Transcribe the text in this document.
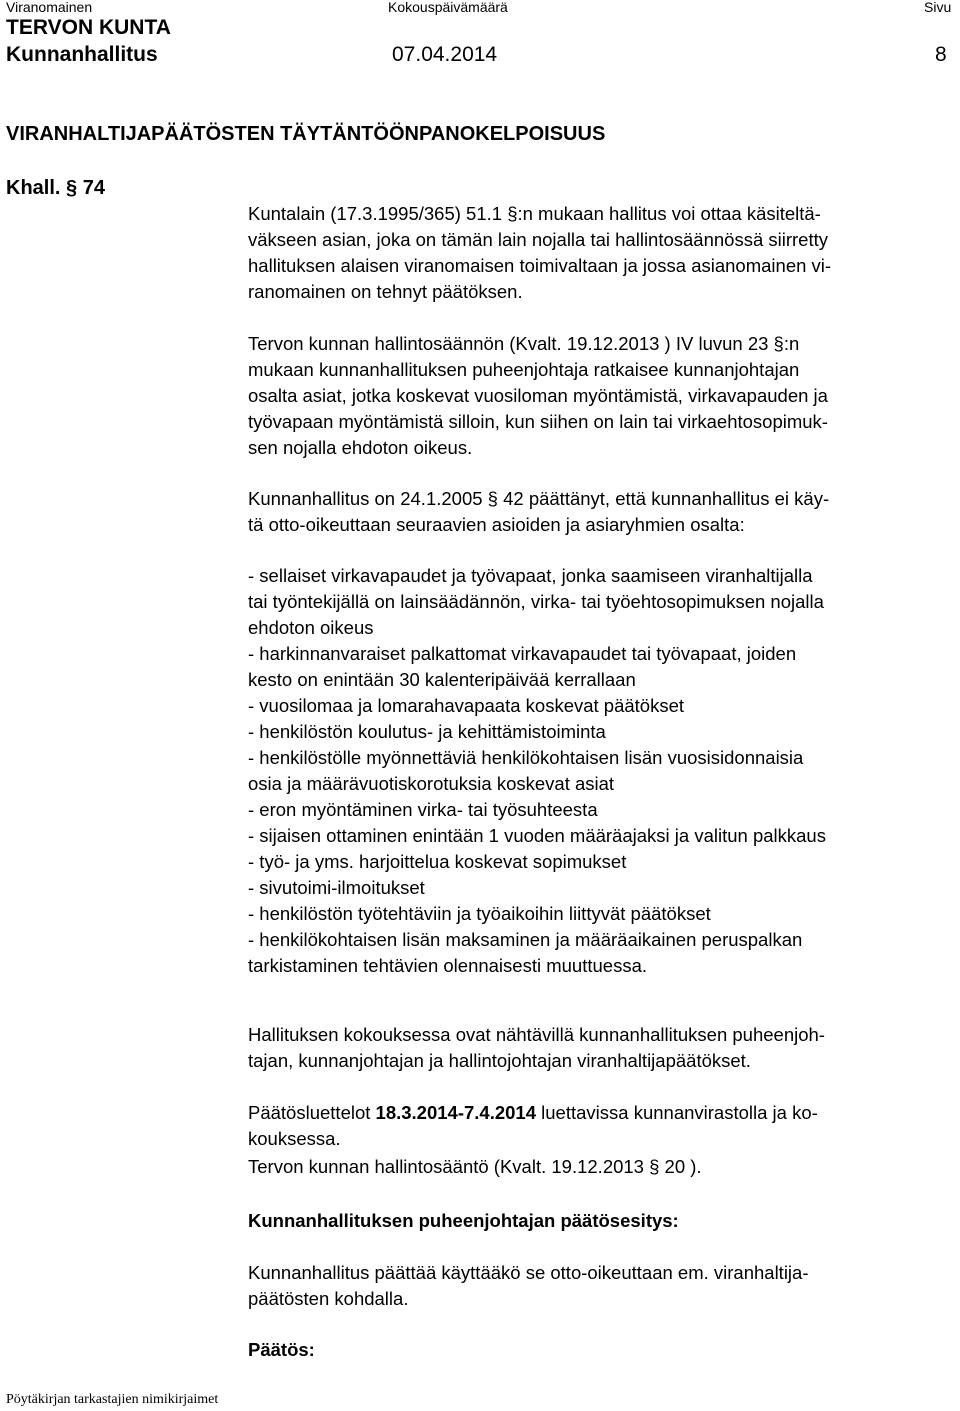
Viranomainen	Kokouspäivämäärä	Sivu
TERVON KUNTA
Kunnanhallitus	07.04.2014	8
VIRANHALTIJAPÄÄTÖSTEN TÄYTÄNTÖÖNPANOKELPOISUUS
Khall. § 74
Kuntalain (17.3.1995/365) 51.1 §:n mukaan hallitus voi ottaa käsiteltä-
väkseen asian, joka on tämän lain nojalla tai hallintosäännössä siirretty
hallituksen alaisen viranomaisen toimivaltaan ja jossa asianomainen vi-
ranomainen on tehnyt päätöksen.
Tervon kunnan hallintosäännön (Kvalt. 19.12.2013 ) IV luvun 23 §:n
mukaan kunnanhallituksen puheenjohtaja ratkaisee kunnanjohtajan
osalta asiat, jotka koskevat vuosiloman myöntämistä, virkavapauden ja
työvapaan myöntämistä silloin, kun siihen on lain tai virkaehtosopimuk-
sen nojalla ehdoton oikeus.
Kunnanhallitus on 24.1.2005 § 42 päättänyt, että kunnanhallitus ei käy-
tä otto-oikeuttaan seuraavien asioiden ja asiaryhmien osalta:
- sellaiset virkavapaudet ja työvapaat, jonka saamiseen viranhaltijalla
tai työntekijällä on lainsäädännön, virka- tai työehtosopimuksen nojalla
ehdoton oikeus
- harkinnanvaraiset palkattomat virkavapaudet tai työvapaat, joiden
kesto on enintään 30 kalenteripäivää kerrallaan
- vuosilomaa ja lomarahavapaata koskevat päätökset
- henkilöstön koulutus- ja kehittämistoiminta
- henkilöstölle myönnettäviä henkilökohtaisen lisän vuosisidonnaisia
osia ja määrävuotiskorotuksia koskevat asiat
- eron myöntäminen virka- tai työsuhteesta
- sijaisen ottaminen enintään 1 vuoden määräajaksi ja valitun palkkaus
- työ- ja yms. harjoittelua koskevat sopimukset
- sivutoimi-ilmoitukset
- henkilöstön työtehtäviin ja työaikoihin liittyvät päätökset
- henkilökohtaisen lisän maksaminen ja määräaikainen peruspalkan
tarkistaminen tehtävien olennaisesti muuttuessa.
Hallituksen kokouksessa ovat nähtävillä kunnanhallituksen puheenjoh-
tajan, kunnanjohtajan ja hallintojohtajan viranhaltijapäätökset.
Päätösluettelot 18.3.2014-7.4.2014 luettavissa kunnanvirastolla ja ko-
kouksessa.
Tervon kunnan hallintosääntö (Kvalt. 19.12.2013 § 20 ).
Kunnanhallituksen puheenjohtajan päätösesitys:
Kunnanhallitus päättää käyttääkö se otto-oikeuttaan em. viranhaltija-
päätösten kohdalla.
Päätös:
Pöytäkirjan tarkastajien nimikirjaimet
